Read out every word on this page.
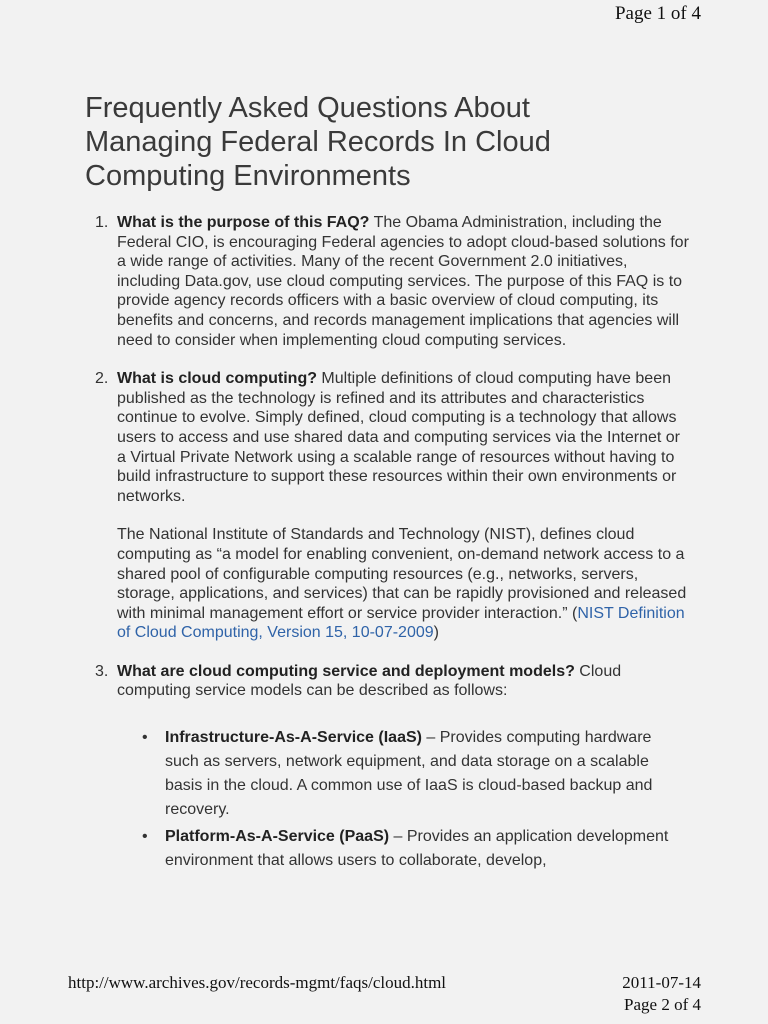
Page 1 of 4
Frequently Asked Questions About
Managing Federal Records In Cloud
Computing Environments
1. What is the purpose of this FAQ? The Obama Administration, including the Federal CIO, is encouraging Federal agencies to adopt cloud-based solutions for a wide range of activities. Many of the recent Government 2.0 initiatives, including Data.gov, use cloud computing services. The purpose of this FAQ is to provide agency records officers with a basic overview of cloud computing, its benefits and concerns, and records management implications that agencies will need to consider when implementing cloud computing services.

2. What is cloud computing? Multiple definitions of cloud computing have been published as the technology is refined and its attributes and characteristics continue to evolve. Simply defined, cloud computing is a technology that allows users to access and use shared data and computing services via the Internet or a Virtual Private Network using a scalable range of resources without having to build infrastructure to support these resources within their own environments or networks.

The National Institute of Standards and Technology (NIST), defines cloud computing as “a model for enabling convenient, on-demand network access to a shared pool of configurable computing resources (e.g., networks, servers, storage, applications, and services) that can be rapidly provisioned and released with minimal management effort or service provider interaction.” (NIST Definition of Cloud Computing, Version 15, 10-07-2009)

3. What are cloud computing service and deployment models? Cloud computing service models can be described as follows:

• Infrastructure-As-A-Service (IaaS) – Provides computing hardware such as servers, network equipment, and data storage on a scalable basis in the cloud. A common use of IaaS is cloud-based backup and recovery.
• Platform-As-A-Service (PaaS) – Provides an application development environment that allows users to collaborate, develop,
http://www.archives.gov/records-mgmt/faqs/cloud.html	2011-07-14
Page 2 of 4
